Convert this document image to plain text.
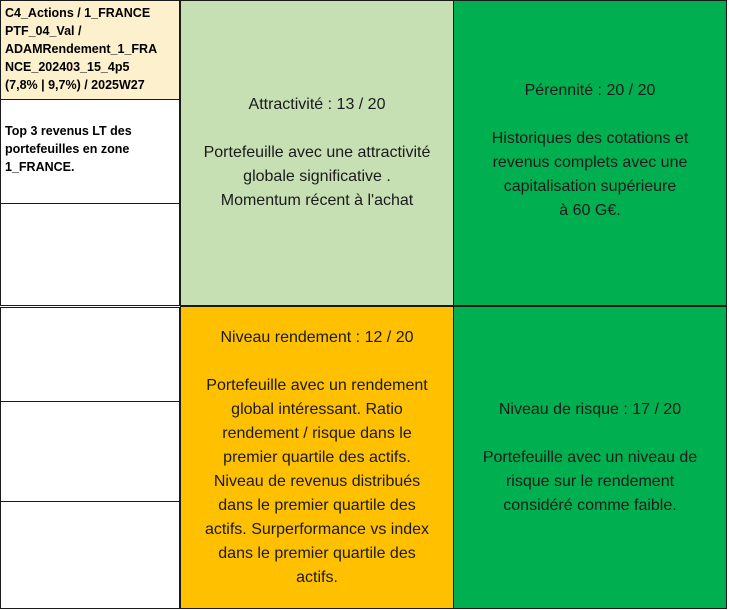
C4_Actions / 1_FRANCE
PTF_04_Val /
ADAMRendement_1_FRA
NCE_202403_15_4p5
(7,8% | 9,7%) / 2025W27
Top 3 revenus LT des
portefeuilles en zone
1_FRANCE.
Attractivité : 13 / 20
Portefeuille avec une attractivité
globale significative .
Momentum récent à l'achat
Pérennité : 20 / 20
Historiques des cotations et
revenus complets avec une
capitalisation supérieure
à 60 G€.
Niveau rendement : 12 / 20
Portefeuille avec un rendement
global intéressant. Ratio
rendement / risque dans le
premier quartile des actifs.
Niveau de revenus distribués
dans le premier quartile des
actifs. Surperformance vs index
dans le premier quartile des
actifs.
Niveau de risque : 17 / 20
Portefeuille avec un niveau de
risque sur le rendement
considéré comme faible.
